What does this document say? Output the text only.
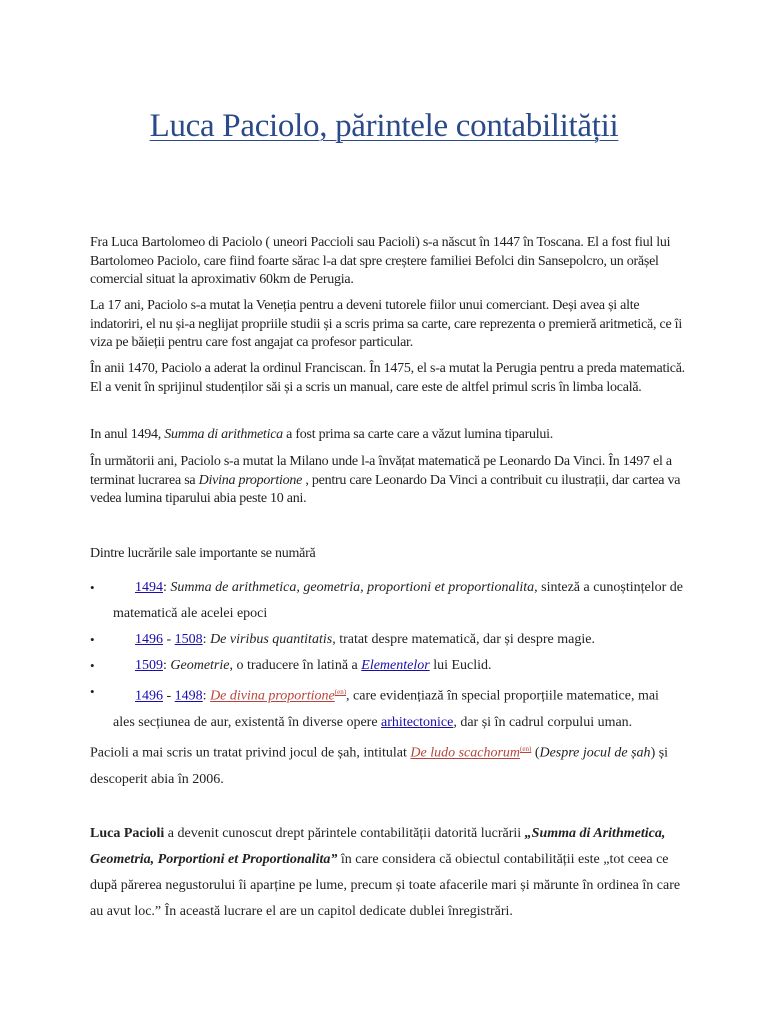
Luca Paciolo, părintele contabilității
Fra Luca Bartolomeo di Paciolo ( uneori Paccioli sau Pacioli) s-a născut în 1447 în Toscana. El a fost fiul lui Bartolomeo Paciolo, care fiind foarte sărac l-a dat spre creștere familiei Befolci din Sansepolcro, un orășel comercial situat la aproximativ 60km de Perugia.
La 17 ani, Paciolo s-a mutat la Veneția pentru a deveni tutorele fiilor unui comerciant. Deși avea și alte indatoriri, el nu și-a neglijat propriile studii și a scris prima sa carte, care reprezenta o premieră aritmetică, ce îi viza pe băieții pentru care fost angajat ca profesor particular.
În anii 1470, Paciolo a aderat la ordinul Franciscan. În 1475, el s-a mutat la Perugia pentru a preda matematică. El a venit în sprijinul studenților săi și a scris un manual, care este de altfel primul scris în limba locală.
In anul 1494, Summa di arithmetica a fost prima sa carte care a văzut lumina tiparului.
În următorii ani, Paciolo s-a mutat la Milano unde l-a învățat matematică pe Leonardo Da Vinci. În 1497 el a terminat lucrarea sa Divina proportione , pentru care Leonardo Da Vinci a contribuit cu ilustrații, dar cartea va vedea lumina tiparului abia peste 10 ani.
Dintre lucrările sale importante se numără
•	1494: Summa de arithmetica, geometria, proportioni et proportionalita, sinteză a cunoștințelor de
matematică ale acelei epoci
•	1496 - 1508: De viribus quantitatis, tratat despre matematică, dar și despre magie.
•	1509: Geometrie, o traducere în latină a Elementelor lui Euclid.
•	1496 - 1498: De divina proportione$^{(en)}$, care evidențiază în special proporțiile matematice, mai
ales secțiunea de aur, existentă în diverse opere arhitectonice, dar și în cadrul corpului uman.
Pacioli a mai scris un tratat privind jocul de șah, intitulat De ludo scachorum$^{(en)}$ (Despre jocul de șah) și
descoperit abia în 2006.
Luca Pacioli a devenit cunoscut drept părintele contabilității datorită lucrării „Summa di Arithmetica, Geometria, Porportioni et Proportionalita” în care considera că obiectul contabilității este „tot ceea ce după părerea negustorului îi aparține pe lume, precum și toate afacerile mari și mărunte în ordinea în care au avut loc.” În această lucrare el are un capitol dedicate dublei înregistrări.
